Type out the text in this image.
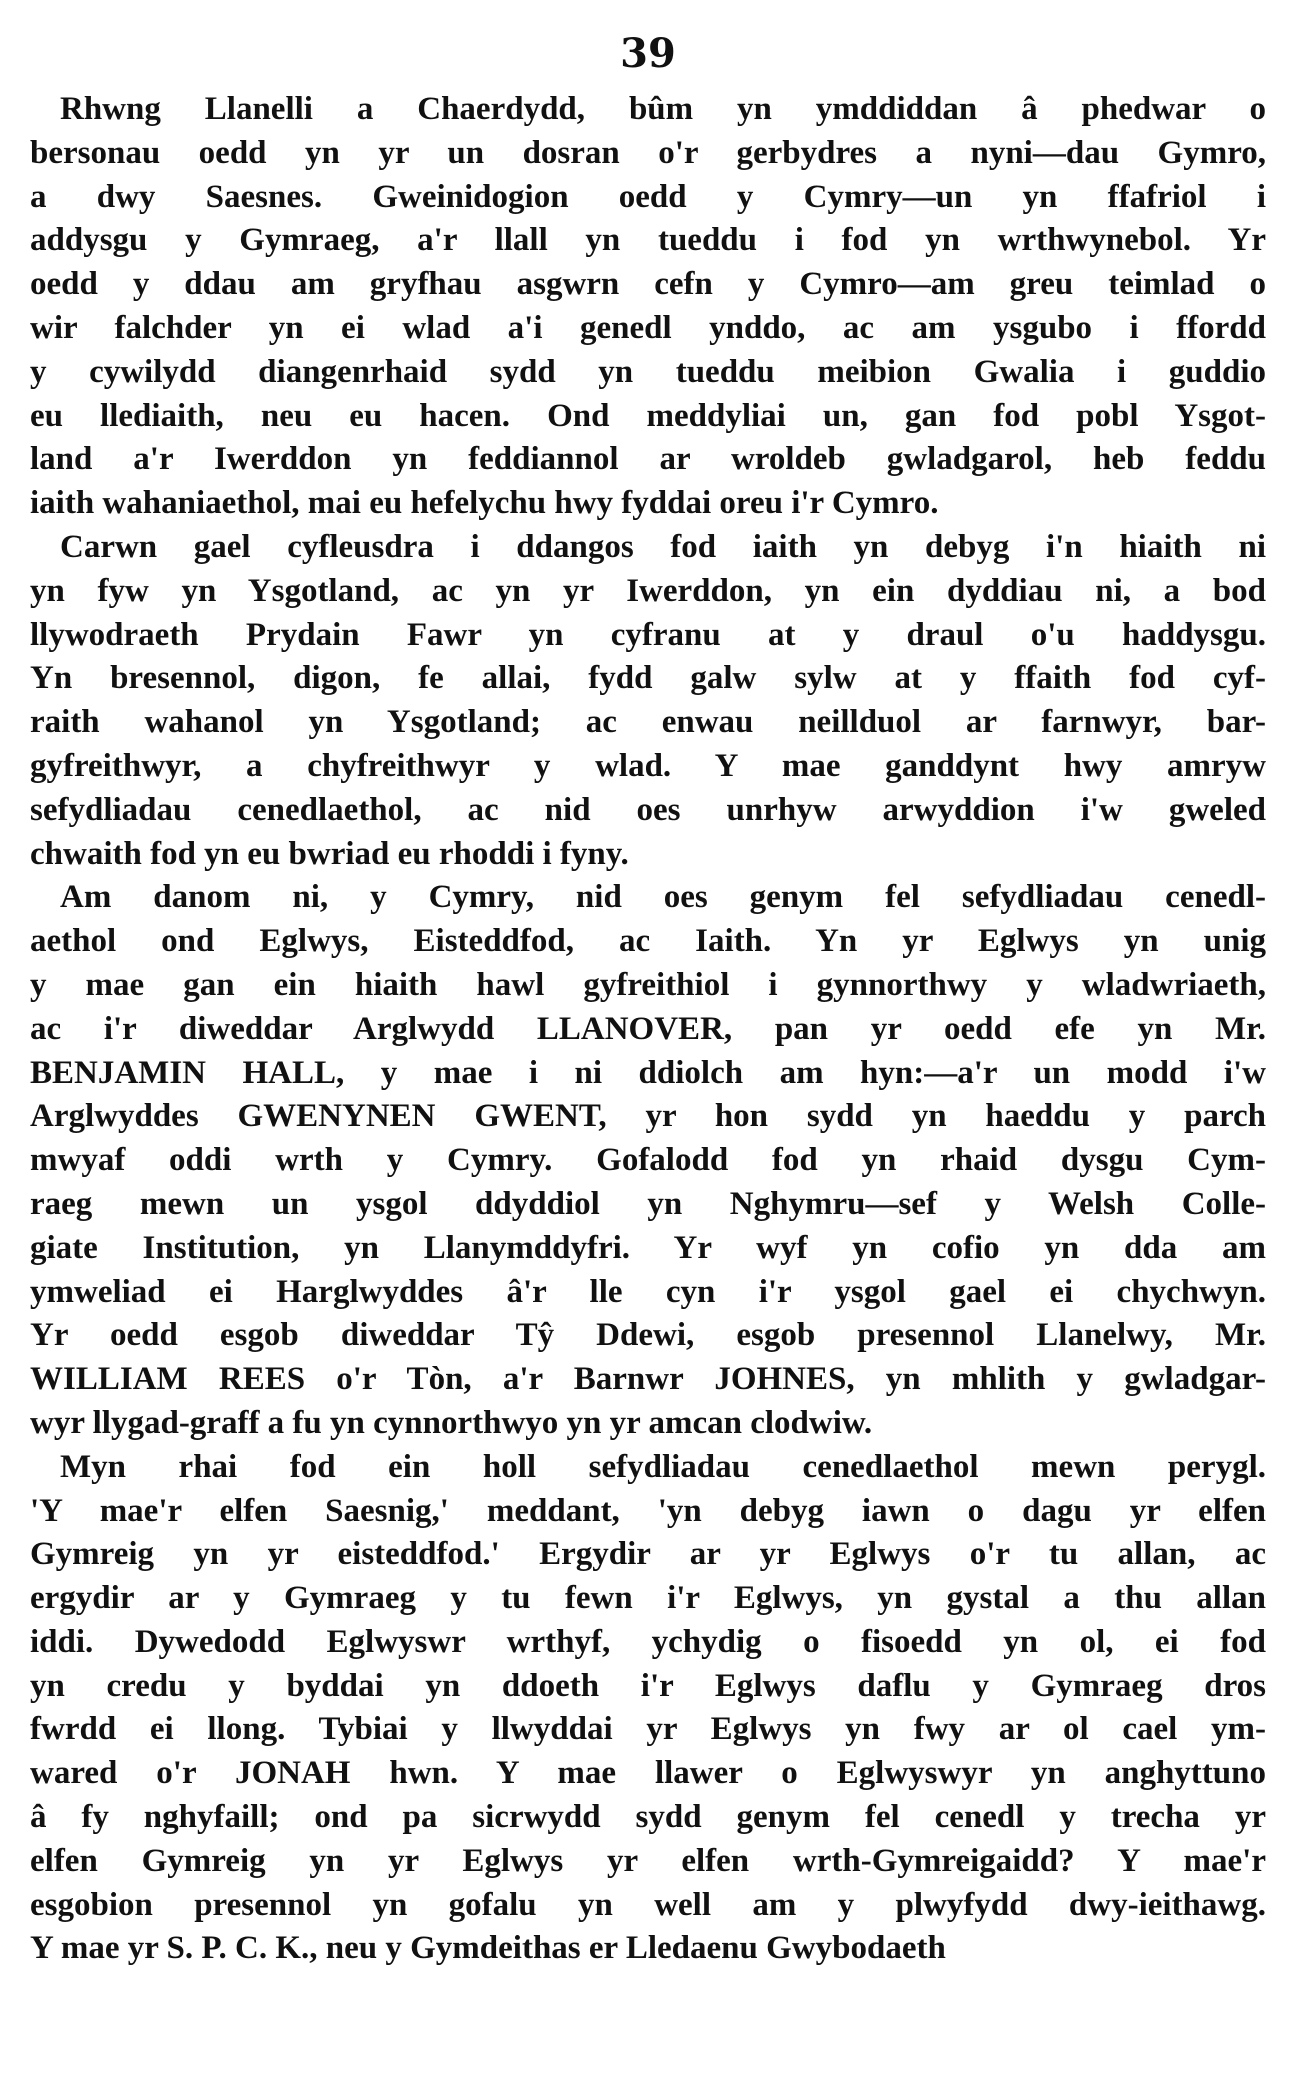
39
Rhwng Llanelli a Chaerdydd, bûm yn ymddiddan â phedwar o
bersonau oedd yn yr un dosran o'r gerbydres a nyni—dau Gymro,
a dwy Saesnes. Gweinidogion oedd y Cymry—un yn ffafriol i
addysgu y Gymraeg, a'r llall yn tueddu i fod yn wrthwynebol. Yr
oedd y ddau am gryfhau asgwrn cefn y Cymro—am greu teimlad o
wir falchder yn ei wlad a'i genedl ynddo, ac am ysgubo i ffordd
y cywilydd diangenrhaid sydd yn tueddu meibion Gwalia i guddio
eu llediaith, neu eu hacen. Ond meddyliai un, gan fod pobl Ysgot-
land a'r Iwerddon yn feddiannol ar wroldeb gwladgarol, heb feddu
iaith wahaniaethol, mai eu hefelychu hwy fyddai oreu i'r Cymro.
Carwn gael cyfleusdra i ddangos fod iaith yn debyg i'n hiaith ni
yn fyw yn Ysgotland, ac yn yr Iwerddon, yn ein dyddiau ni, a bod
llywodraeth Prydain Fawr yn cyfranu at y draul o'u haddysgu.
Yn bresennol, digon, fe allai, fydd galw sylw at y ffaith fod cyf-
raith wahanol yn Ysgotland; ac enwau neillduol ar farnwyr, bar-
gyfreithwyr, a chyfreithwyr y wlad. Y mae ganddynt hwy amryw
sefydliadau cenedlaethol, ac nid oes unrhyw arwyddion i'w gweled
chwaith fod yn eu bwriad eu rhoddi i fyny.
Am danom ni, y Cymry, nid oes genym fel sefydliadau cenedl-
aethol ond Eglwys, Eisteddfod, ac Iaith. Yn yr Eglwys yn unig
y mae gan ein hiaith hawl gyfreithiol i gynnorthwy y wladwriaeth,
ac i'r diweddar Arglwydd LLANOVER, pan yr oedd efe yn Mr.
BENJAMIN HALL, y mae i ni ddiolch am hyn:—a'r un modd i'w
Arglwyddes GWENYNEN GWENT, yr hon sydd yn haeddu y parch
mwyaf oddi wrth y Cymry. Gofalodd fod yn rhaid dysgu Cym-
raeg mewn un ysgol ddyddiol yn Nghymru—sef y Welsh Colle-
giate Institution, yn Llanymddyfri. Yr wyf yn cofio yn dda am
ymweliad ei Harglwyddes â'r lle cyn i'r ysgol gael ei chychwyn.
Yr oedd esgob diweddar Tŷ Ddewi, esgob presennol Llanelwy, Mr.
WILLIAM REES o'r Tòn, a'r Barnwr JOHNES, yn mhlith y gwladgar-
wyr llygad-graff a fu yn cynnorthwyo yn yr amcan clodwiw.
Myn rhai fod ein holl sefydliadau cenedlaethol mewn perygl.
'Y mae'r elfen Saesnig,' meddant, 'yn debyg iawn o dagu yr elfen
Gymreig yn yr eisteddfod.' Ergydir ar yr Eglwys o'r tu allan, ac
ergydir ar y Gymraeg y tu fewn i'r Eglwys, yn gystal a thu allan
iddi. Dywedodd Eglwyswr wrthyf, ychydig o fisoedd yn ol, ei fod
yn credu y byddai yn ddoeth i'r Eglwys daflu y Gymraeg dros
fwrdd ei llong. Tybiai y llwyddai yr Eglwys yn fwy ar ol cael ym-
wared o'r JONAH hwn. Y mae llawer o Eglwyswyr yn anghyttuno
â fy nghyfaill; ond pa sicrwydd sydd genym fel cenedl y trecha yr
elfen Gymreig yn yr Eglwys yr elfen wrth-Gymreigaidd? Y mae'r
esgobion presennol yn gofalu yn well am y plwyfydd dwy-ieithawg.
Y mae yr S. P. C. K., neu y Gymdeithas er Lledaenu Gwybodaeth
